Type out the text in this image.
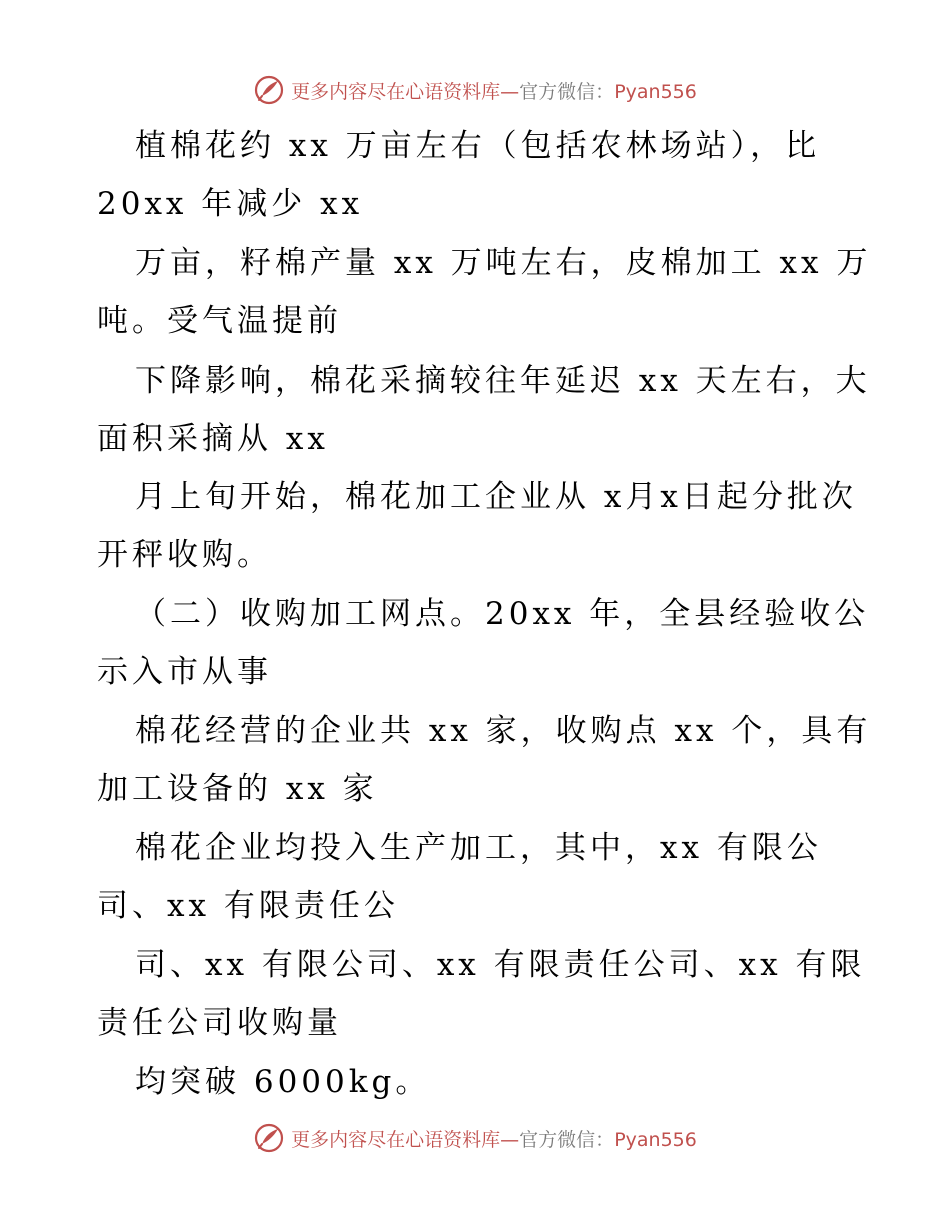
更多内容尽在心语资料库—官方微信：Pyan556
植棉花约 xx 万亩左右（包括农林场站），比
20xx 年减少 xx
万亩，籽棉产量 xx 万吨左右，皮棉加工 xx 万
吨。受气温提前
下降影响，棉花采摘较往年延迟 xx 天左右，大
面积采摘从 xx
月上旬开始，棉花加工企业从 x月x日起分批次
开秤收购。
（二）收购加工网点。20xx 年，全县经验收公
示入市从事
棉花经营的企业共 xx 家，收购点 xx 个，具有
加工设备的 xx 家
棉花企业均投入生产加工，其中，xx 有限公
司、xx 有限责任公
司、xx 有限公司、xx 有限责任公司、xx 有限
责任公司收购量
均突破 6000kg。
更多内容尽在心语资料库—官方微信：Pyan556
